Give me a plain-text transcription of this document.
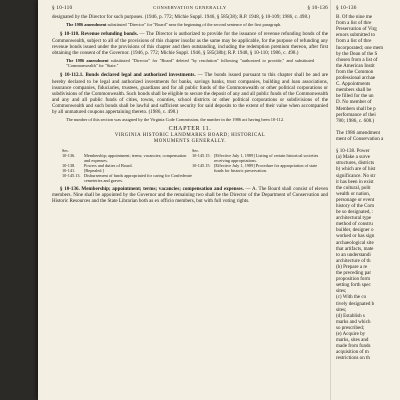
§ 10-110	CONSERVATION GENERALLY	§ 10-136

designated by the Director for such purposes. (1946, p. 772; Michie Suppl. 1946, § 585(38); R.P. 1948, § 10-109; 1986, c. 498.)

The 1986 amendment substituted "Director" for "Board" near the beginning of the second sentence of the first paragraph.

§ 10-110. Revenue refunding bonds. — The Director is authorized to provide for the issuance of revenue refunding bonds of the Commonwealth, subject to all of the provisions of this chapter insofar as the same may be applicable, for the purpose of refunding any revenue bonds issued under the provisions of this chapter and then outstanding, including the redemption premium thereon, after first obtaining the consent of the Governor. (1946, p. 772; Michie Suppl. 1946, § 585(38b); R.P. 1948, § 10-110; 1986, c. 498.)

The 1986 amendment substituted "Director" for "Board" deleted "by resolution" following "authorized to provide," and substituted "Commonwealth" for "State."

§ 10-112.1. Bonds declared legal and authorized investments. — The bonds issued pursuant to this chapter shall be and are hereby declared to be legal and authorized investments for banks, savings banks, trust companies, building and loan associations, insurance companies, fiduciaries, trustees, guardians and for all public funds of the Commonwealth or other political corporations or subdivisions of the Commonwealth. Such bonds shall be eligible to secure the deposit of any and all public funds of the Commonwealth and any and all public funds of cities, towns, counties, school districts or other political corporations or subdivisions of the Commonwealth and such bonds shall be lawful and sufficient security for said deposits to the extent of their value when accompanied by all unmatured coupons appertaining thereto. (1986, c. 498.)

The number of this section was assigned by the Virginia Code Commission, the number in the 1986 act having been 10-112.

CHAPTER 11.
VIRGINIA HISTORIC LANDMARKS BOARD; HISTORICAL
MONUMENTS GENERALLY.
Sec.
10-136.	Membership; appointment; terms; vacancies; compensation and expenses.
10-138.	Powers and duties of Board.
10-141.	[Repealed.]
10-145.13. Disbursement of funds appropriated for caring for Confederate cemeteries and graves.
Sec.
10-145.15. [Effective July 1, 1989] Listing of certain historical societies receiving appropriations.
10-145.15. [Effective July 1, 1989] Procedure for appropriation of state funds for historic preservation.

§ 10-136. Membership; appointment; terms; vacancies; compensation and expenses. — A. The Board shall consist of eleven members. Nine shall be appointed by the Governor and the remaining two shall be the Director of the Department of Conservation and Historic Resources and the State Librarian both as ex officio members, but with full voting rights.

§ 10-136
B. Of the nine me
from a list of thre
Preservation of Virg
ernors submitted to
from a list of thre
Incorporated; one mem
by the Dean of the S
chosen from a list of
the American Instit
from the Common
professional archae
C. Appointments
members shall be
be filled for the un
D. No member of
Members shall be p
performance of thei
780; 1986, c. 608.)

The 1986 amendment
ment of Conservation a

§ 10-138. Power
(a) Make a surve
structures, districts
b) which are of hist
significance. No str
it has been in exist
the cultural, polit
wealth or nation,
personage or event
history of the Com
be so designated, :
architectural type
method of constru
builder, designer o
worked or has sign
archaeological site
that artifacts, mate
to an understandi
architecture of th
(b) Prepare a re
the preceding par
proposition form
setting forth spec
sites;
(c) With the co
tively designated b
sites;
(d) Establish s
marks and which
so prescribed;
(e) Acquire by
marks, sites and
made from funds
acquisition of m
restrictions on th
